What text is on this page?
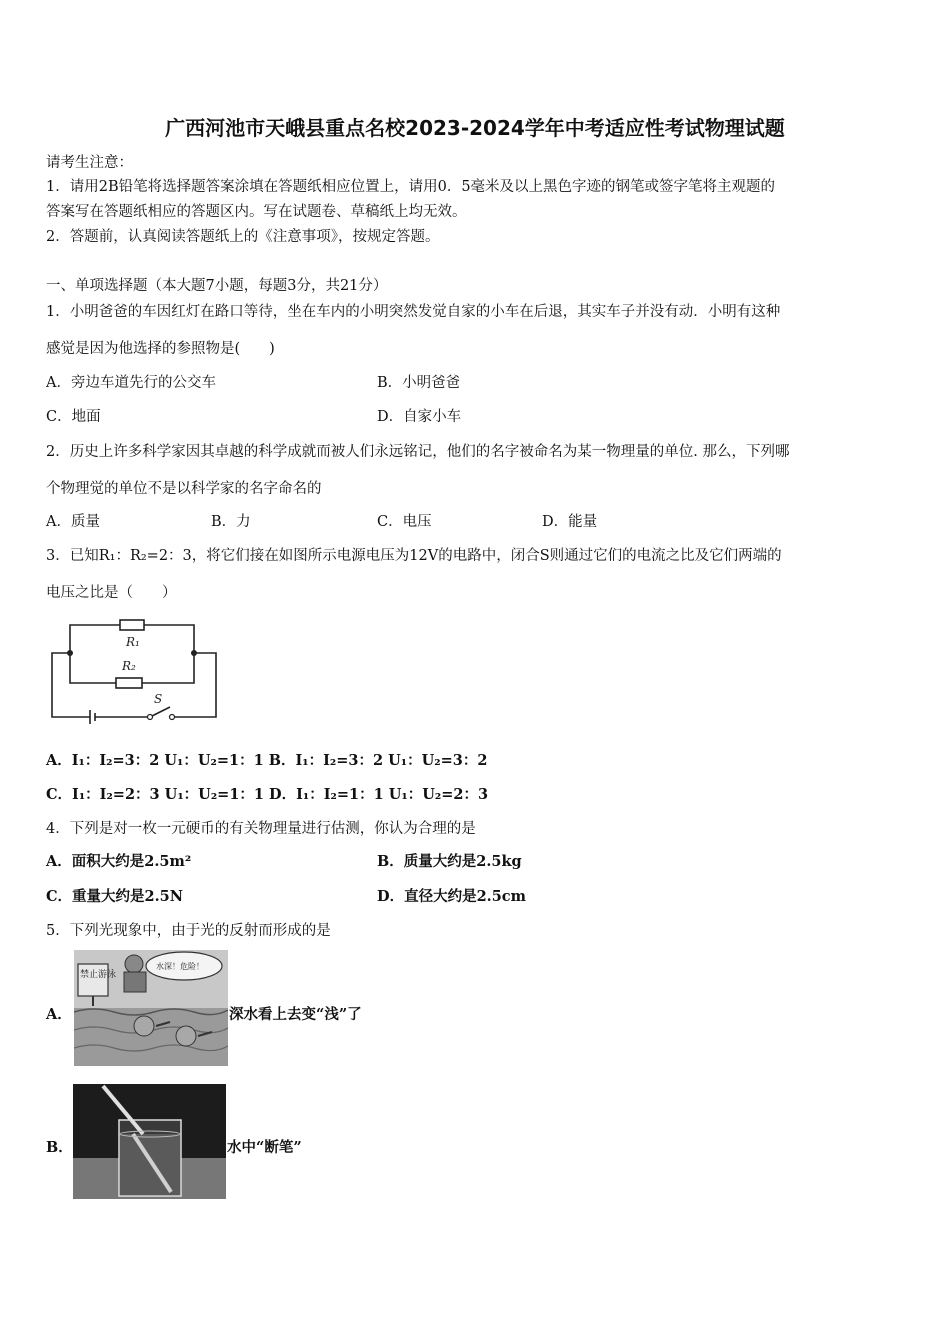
广西河池市天峨县重点名校2023-2024学年中考适应性考试物理试题
请考生注意：
1．请用2B铅笔将选择题答案涂填在答题纸相应位置上，请用0．5毫米及以上黑色字迹的钢笔或签字笔将主观题的
答案写在答题纸相应的答题区内。写在试题卷、草稿纸上均无效。
2．答题前，认真阅读答题纸上的《注意事项》，按规定答题。
一、单项选择题（本大题7小题，每题3分，共21分）
1．小明爸爸的车因红灯在路口等待，坐在车内的小明突然发觉自家的小车在后退，其实车子并没有动．小明有这种
感觉是因为他选择的参照物是(　　)
A．旁边车道先行的公交车	B．小明爸爸
C．地面	D．自家小车
2．历史上许多科学家因其卓越的科学成就而被人们永远铭记，他们的名字被命名为某一物理量的单位. 那么，下列哪
个物理觉的单位不是以科学家的名字命名的
A．质量	B．力	C．电压	D．能量
3．已知R₁：R₂=2：3，将它们接在如图所示电源电压为12V的电路中，闭合S则通过它们的电流之比及它们两端的
电压之比是（　　）
R₁
R₂
S
A．I₁：I₂=3：2 U₁：U₂=1：1 B．I₁：I₂=3：2 U₁：U₂=3：2
C．I₁：I₂=2：3 U₁：U₂=1：1 D．I₁：I₂=1：1 U₁：U₂=2：3
4．下列是对一枚一元硬币的有关物理量进行估测，你认为合理的是
A．面积大约是2.5m²	B．质量大约是2.5kg
C．重量大约是2.5N	D．直径大约是2.5cm
5．下列光现象中，由于光的反射而形成的是
A．
禁止游泳
水深！危险！
深水看上去变“浅”了
B．	水中“断笔”
